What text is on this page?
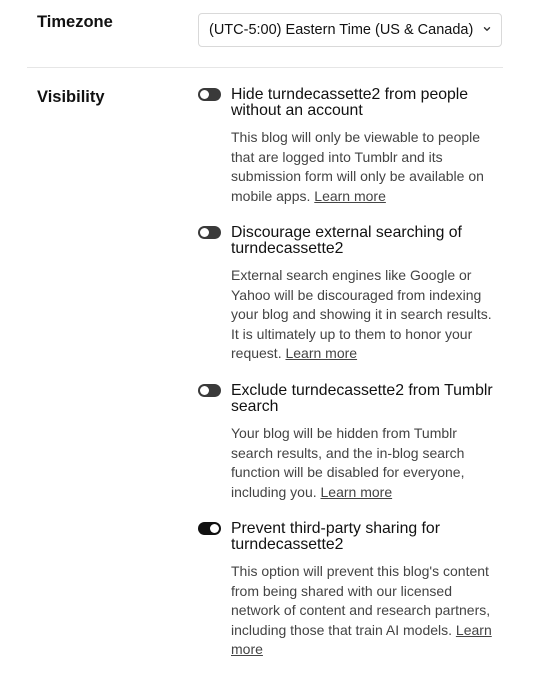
Timezone	(UTC-5:00) Eastern Time (US & Canada)
Visibility	Hide turndecassette2 from people without an account
This blog will only be viewable to people that are logged into Tumblr and its submission form will only be available on mobile apps. Learn more
Discourage external searching of turndecassette2
External search engines like Google or Yahoo will be discouraged from indexing your blog and showing it in search results. It is ultimately up to them to honor your request. Learn more
Exclude turndecassette2 from Tumblr search
Your blog will be hidden from Tumblr search results, and the in-blog search function will be disabled for everyone, including you. Learn more
Prevent third-party sharing for turndecassette2
This option will prevent this blog's content from being shared with our licensed network of content and research partners, including those that train AI models. Learn more
